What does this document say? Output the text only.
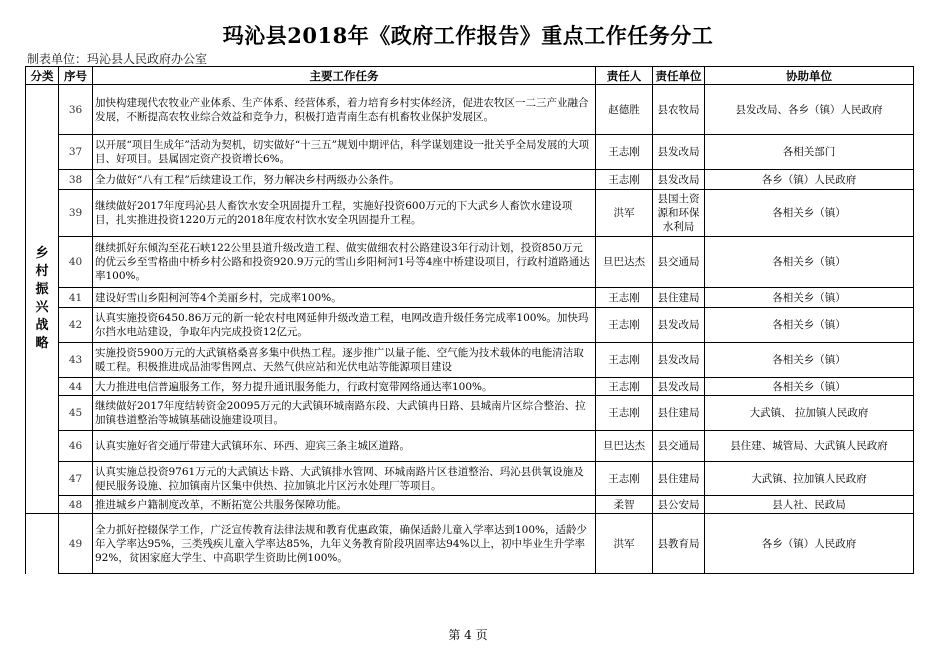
玛沁县2018年《政府工作报告》重点工作任务分工
制表单位：玛沁县人民政府办公室
分类	序号	主要工作任务	责任人	责任单位	协助单位
乡村振兴战略	36	加快构建现代农牧业产业体系、生产体系、经营体系，着力培育乡村实体经济，促进农牧区一二三产业融合发展，不断提高农牧业综合效益和竞争力，积极打造青南生态有机畜牧业保护发展区。	赵德胜	县农牧局	县发改局、各乡（镇）人民政府
	37	以开展“项目生成年”活动为契机，切实做好“十三五”规划中期评估，科学谋划建设一批关乎全局发展的大项目、好项目。县属固定资产投资增长6%。	王志刚	县发改局	各相关部门
	38	全力做好“八有工程”后续建设工作，努力解决乡村两级办公条件。	王志刚	县发改局	各乡（镇）人民政府
	39	继续做好2017年度玛沁县人畜饮水安全巩固提升工程，实施好投资600万元的下大武乡人畜饮水建设项目，扎实推进投资1220万元的2018年度农村饮水安全巩固提升工程。	洪军	县国土资源和环保水利局	各相关乡（镇）
	40	继续抓好东倾沟至花石峡122公里县道升级改造工程、做实做细农村公路建设3年行动计划，投资850万元的优云乡至雪格曲中桥乡村公路和投资920.9万元的雪山乡阳柯河1号等4座中桥建设项目，行政村道路通达率100%。	旦巴达杰	县交通局	各相关乡（镇）
	41	建设好雪山乡阳柯河等4个美丽乡村，完成率100%。	王志刚	县住建局	各相关乡（镇）
	42	认真实施投资6450.86万元的新一轮农村电网延伸升级改造工程，电网改造升级任务完成率100%。加快玛尔挡水电站建设，争取年内完成投资12亿元。	王志刚	县发改局	各相关乡（镇）
	43	实施投资5900万元的大武镇格桑喜多集中供热工程。逐步推广以量子能、空气能为技术载体的电能清洁取暖工程。积极推进成品油零售网点、天然气供应站和光伏电站等能源项目建设	王志刚	县发改局	各相关乡（镇）
	44	大力推进电信普遍服务工作，努力提升通讯服务能力，行政村宽带网络通达率100%。	王志刚	县发改局	各相关乡（镇）
	45	继续做好2017年度结转资金20095万元的大武镇环城南路东段、大武镇冉日路、县城南片区综合整治、拉加镇巷道整治等城镇基础设施建设项目。	王志刚	县住建局	大武镇、 拉加镇人民政府
	46	认真实施好省交通厅带建大武镇环东、环西、迎宾三条主城区道路。	旦巴达杰	县交通局	县住建、城管局、大武镇人民政府
	47	认真实施总投资9761万元的大武镇达卡路、大武镇排水管网、环城南路片区巷道整治、玛沁县供氧设施及便民服务设施、拉加镇南片区集中供热、拉加镇北片区污水处理厂等项目。	王志刚	县住建局	大武镇、拉加镇人民政府
	48	推进城乡户籍制度改革，不断拓宽公共服务保障功能。	柔智	县公安局	县人社、民政局
	49	全力抓好控辍保学工作，广泛宣传教育法律法规和教育优惠政策，确保适龄儿童入学率达到100%，适龄少年入学率达95%，三类残疾儿童入学率达85%，九年义务教育阶段巩固率达94%以上，初中毕业生升学率92%，贫困家庭大学生、中高职学生资助比例100%。	洪军	县教育局	各乡（镇）人民政府
第 4 页
